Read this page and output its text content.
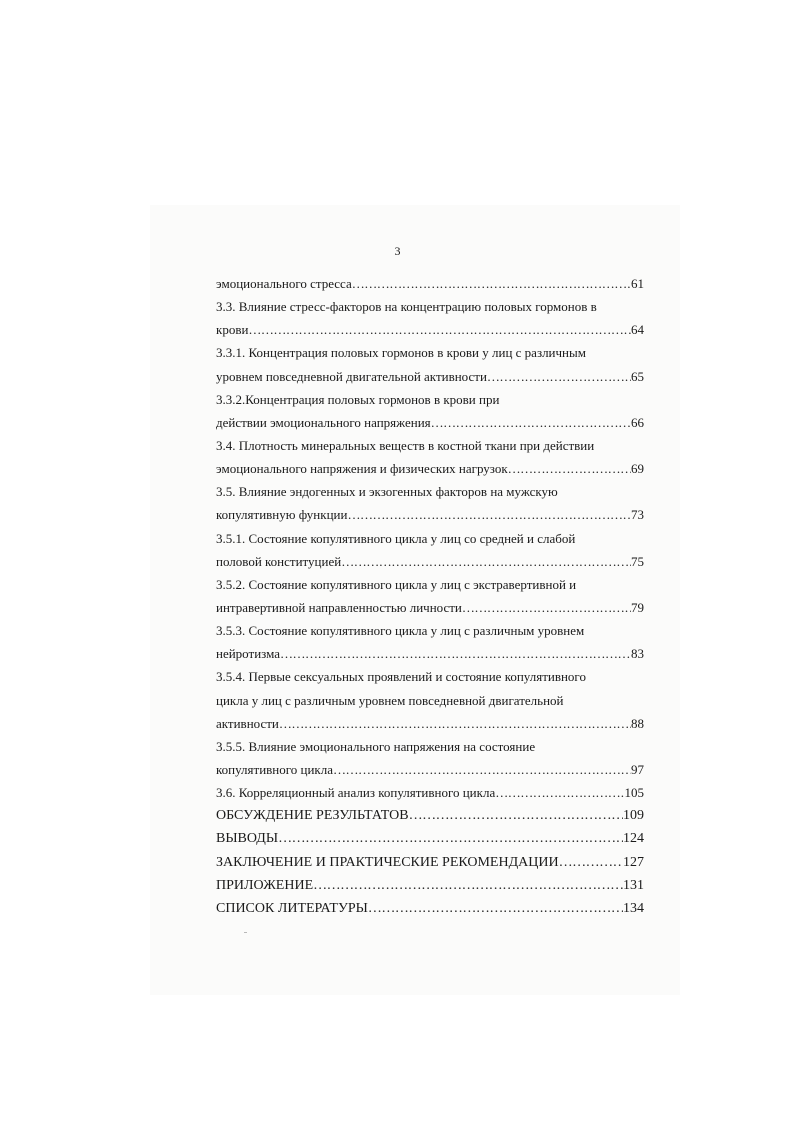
3
эмоционального стресса ……………………………………………………………………………………………………………………………………………………………	61
3.3. Влияние стресс-факторов на концентрацию половых гормонов в
крови ……………………………………………………………………………………………………………………………………………………………	64
3.3.1. Концентрация половых гормонов в крови у лиц с различным
уровнем повседневной двигательной активности ……………………………………………………………………………………………………………………………………………………………	65
3.3.2.Концентрация половых гормонов в крови при
действии эмоционального напряжения ……………………………………………………………………………………………………………………………………………………………	66
3.4. Плотность минеральных веществ в костной ткани при действии
эмоционального напряжения и физических нагрузок ……………………………………………………………………………………………………………………………………………………………	69
3.5. Влияние эндогенных и экзогенных факторов на мужскую
копулятивную функции ……………………………………………………………………………………………………………………………………………………………	73
3.5.1. Состояние копулятивного цикла у лиц со средней и слабой
половой конституцией ……………………………………………………………………………………………………………………………………………………………	75
3.5.2. Состояние копулятивного цикла у лиц с экстравертивной и
интравертивной направленностью личности ……………………………………………………………………………………………………………………………………………………………	79
3.5.3. Состояние копулятивного цикла у лиц с различным уровнем
нейротизма ……………………………………………………………………………………………………………………………………………………………	83
3.5.4. Первые сексуальных проявлений и состояние копулятивного
цикла у лиц с различным уровнем повседневной двигательной
активности ……………………………………………………………………………………………………………………………………………………………	88
3.5.5. Влияние эмоционального напряжения на состояние
копулятивного цикла ……………………………………………………………………………………………………………………………………………………………	97
3.6. Корреляционный анализ копулятивного цикла ……………………………………………………………………………………………………………………………………………………………	105
ОБСУЖДЕНИЕ РЕЗУЛЬТАТОВ ……………………………………………………………………………………………………………………………………………………………	109
ВЫВОДЫ ……………………………………………………………………………………………………………………………………………………………	124
ЗАКЛЮЧЕНИЕ И ПРАКТИЧЕСКИЕ РЕКОМЕНДАЦИИ ……………………………………………………………………………………………………………………………………………………………	127
ПРИЛОЖЕНИЕ ……………………………………………………………………………………………………………………………………………………………	131
СПИСОК ЛИТЕРАТУРЫ ……………………………………………………………………………………………………………………………………………………………	134
